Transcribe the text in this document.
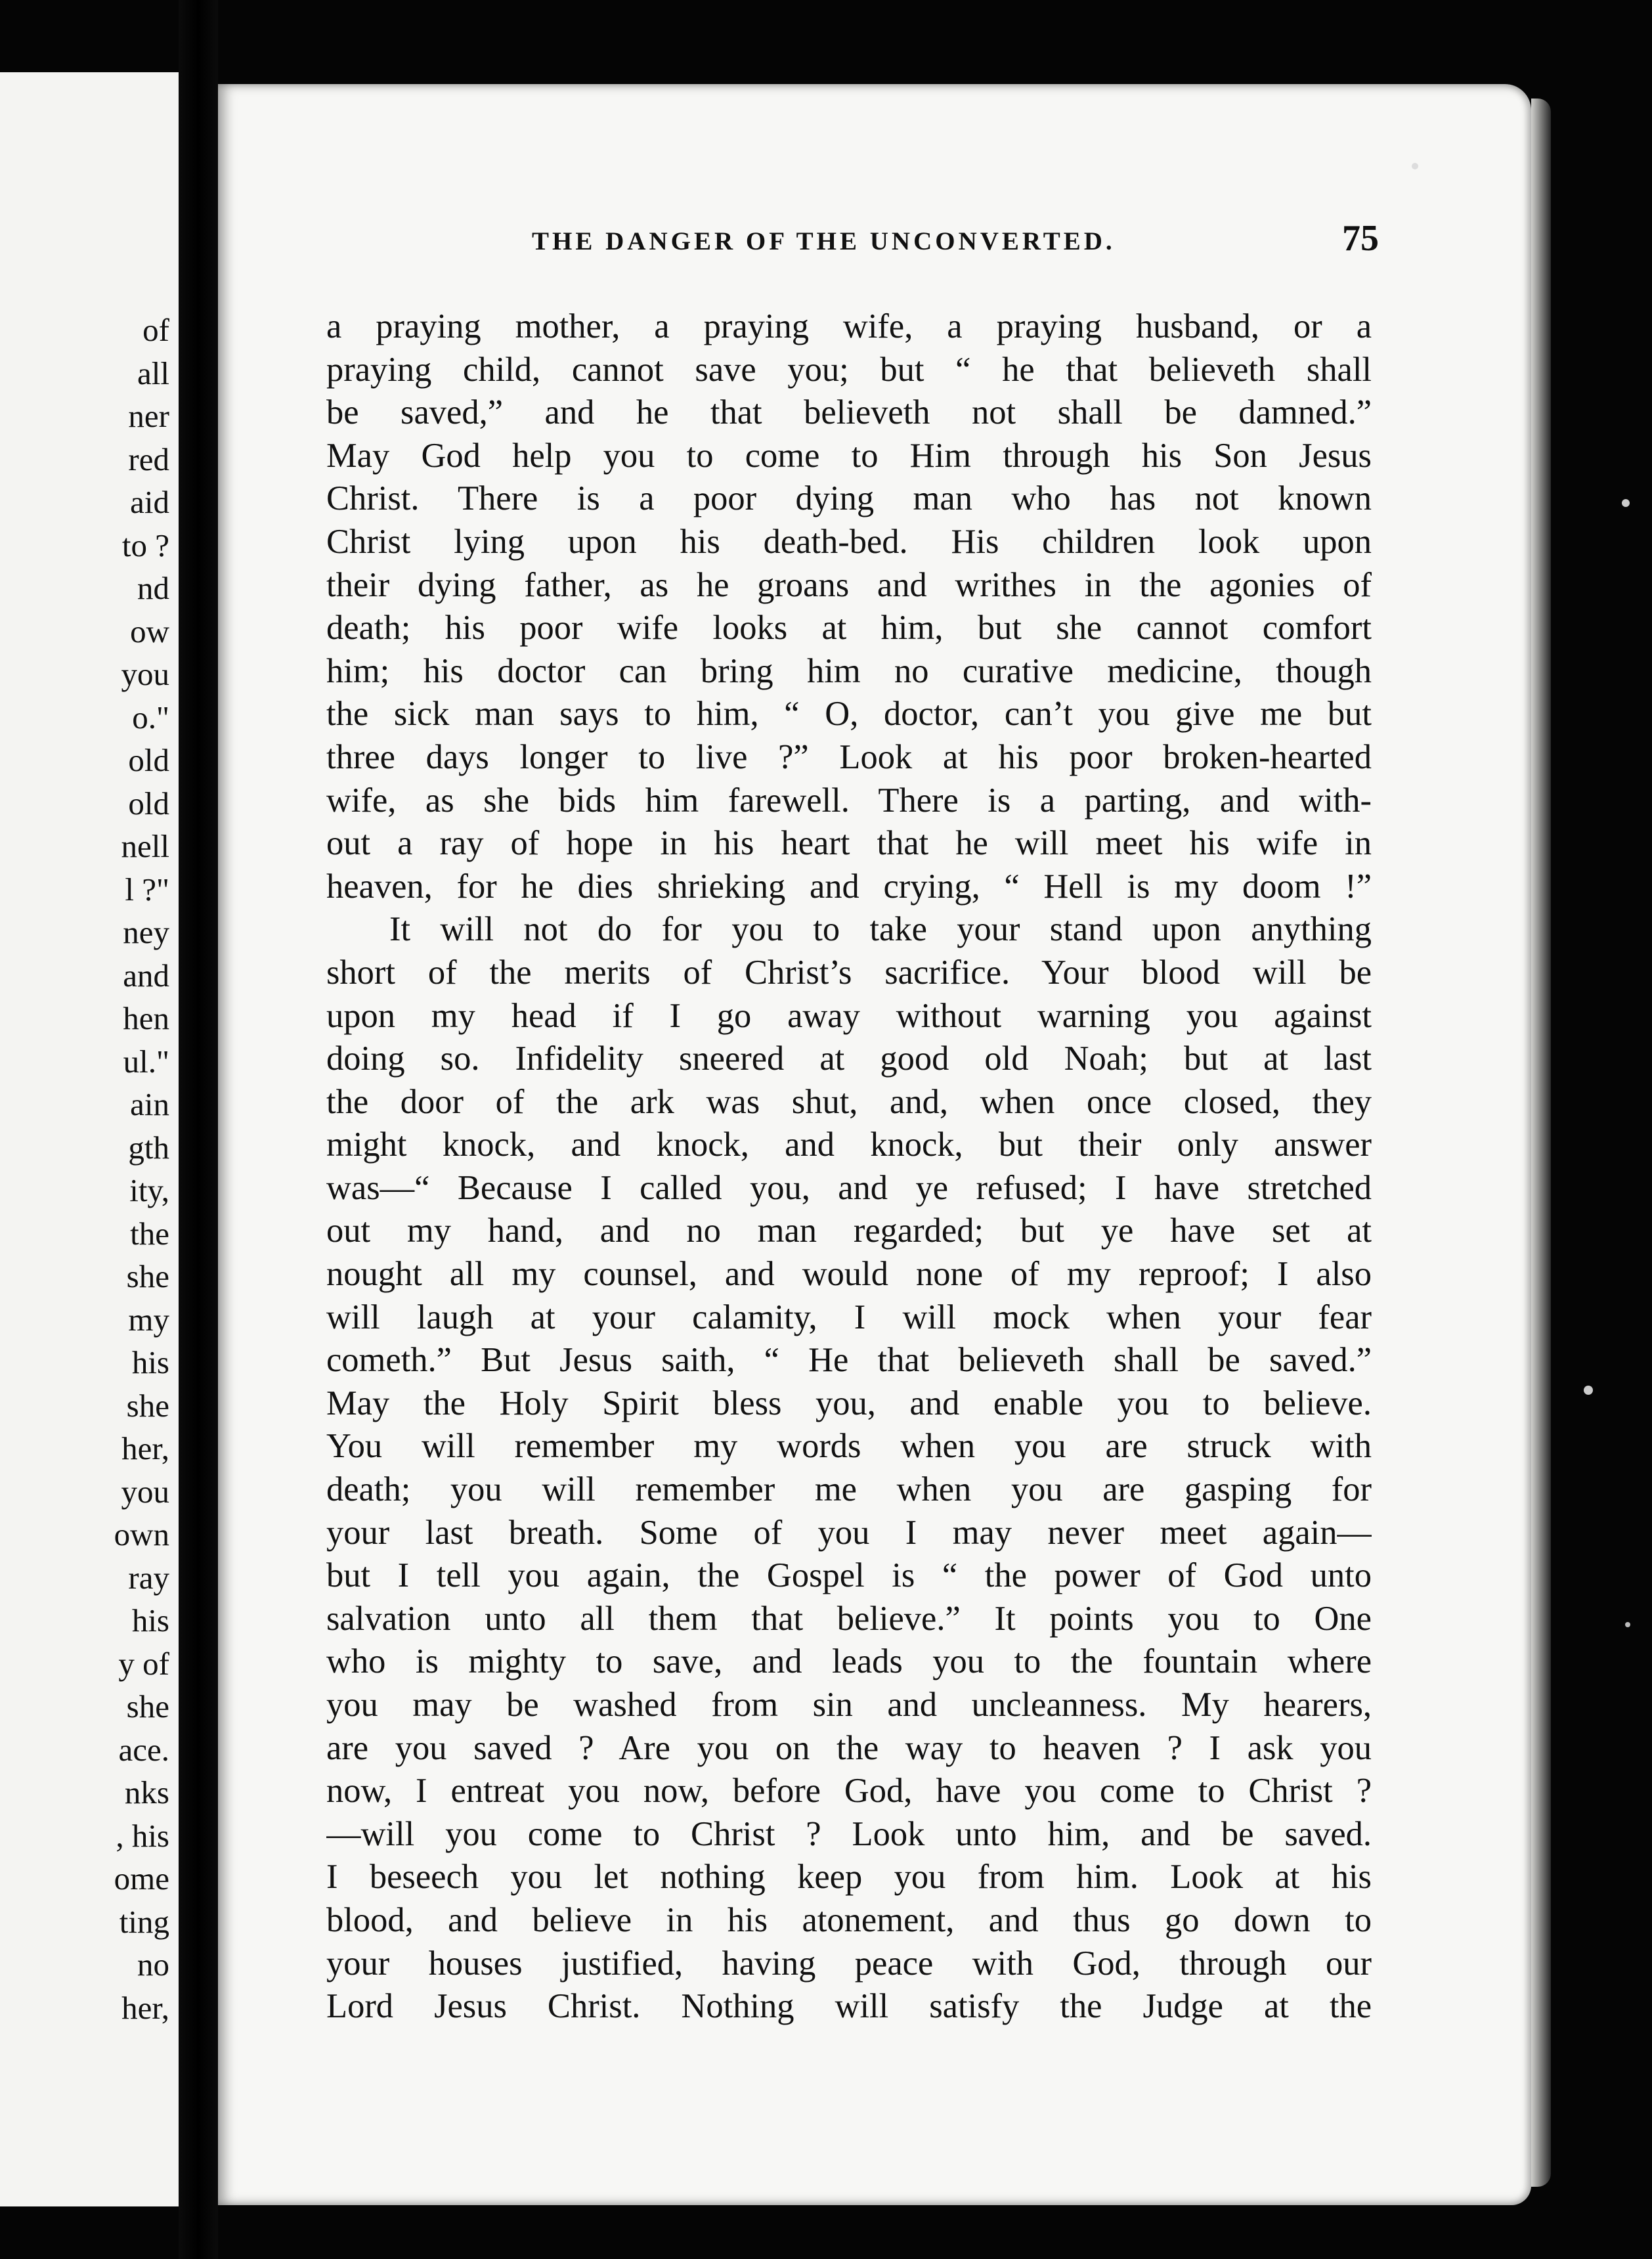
of
all
ner
red
aid
to ?
nd
ow
you
o."
old
old
nell
l ?"
ney
and
hen
ul."
ain
gth
ity,
the
she
my
his
she
her,
you
own
ray
his
y of
she
ace.
nks
, his
ome
ting
no
her,
THE DANGER OF THE UNCONVERTED.	75
a praying mother, a praying wife, a praying husband, or a
praying child, cannot save you; but “ he that believeth shall
be saved,” and he that believeth not shall be damned.”
May God help you to come to Him through his Son Jesus
Christ. There is a poor dying man who has not known
Christ lying upon his death-bed. His children look upon
their dying father, as he groans and writhes in the agonies of
death; his poor wife looks at him, but she cannot comfort
him; his doctor can bring him no curative medicine, though
the sick man says to him, “ O, doctor, can’t you give me but
three days longer to live ?” Look at his poor broken-hearted
wife, as she bids him farewell. There is a parting, and with-
out a ray of hope in his heart that he will meet his wife in
heaven, for he dies shrieking and crying, “ Hell is my doom !”
It will not do for you to take your stand upon anything
short of the merits of Christ’s sacrifice. Your blood will be
upon my head if I go away without warning you against
doing so. Infidelity sneered at good old Noah; but at last
the door of the ark was shut, and, when once closed, they
might knock, and knock, and knock, but their only answer
was—“ Because I called you, and ye refused; I have stretched
out my hand, and no man regarded; but ye have set at
nought all my counsel, and would none of my reproof; I also
will laugh at your calamity, I will mock when your fear
cometh.” But Jesus saith, “ He that believeth shall be saved.”
May the Holy Spirit bless you, and enable you to believe.
You will remember my words when you are struck with
death; you will remember me when you are gasping for
your last breath. Some of you I may never meet again—
but I tell you again, the Gospel is “ the power of God unto
salvation unto all them that believe.” It points you to One
who is mighty to save, and leads you to the fountain where
you may be washed from sin and uncleanness. My hearers,
are you saved ? Are you on the way to heaven ? I ask you
now, I entreat you now, before God, have you come to Christ ?
—will you come to Christ ? Look unto him, and be saved.
I beseech you let nothing keep you from him. Look at his
blood, and believe in his atonement, and thus go down to
your houses justified, having peace with God, through our
Lord Jesus Christ. Nothing will satisfy the Judge at the
